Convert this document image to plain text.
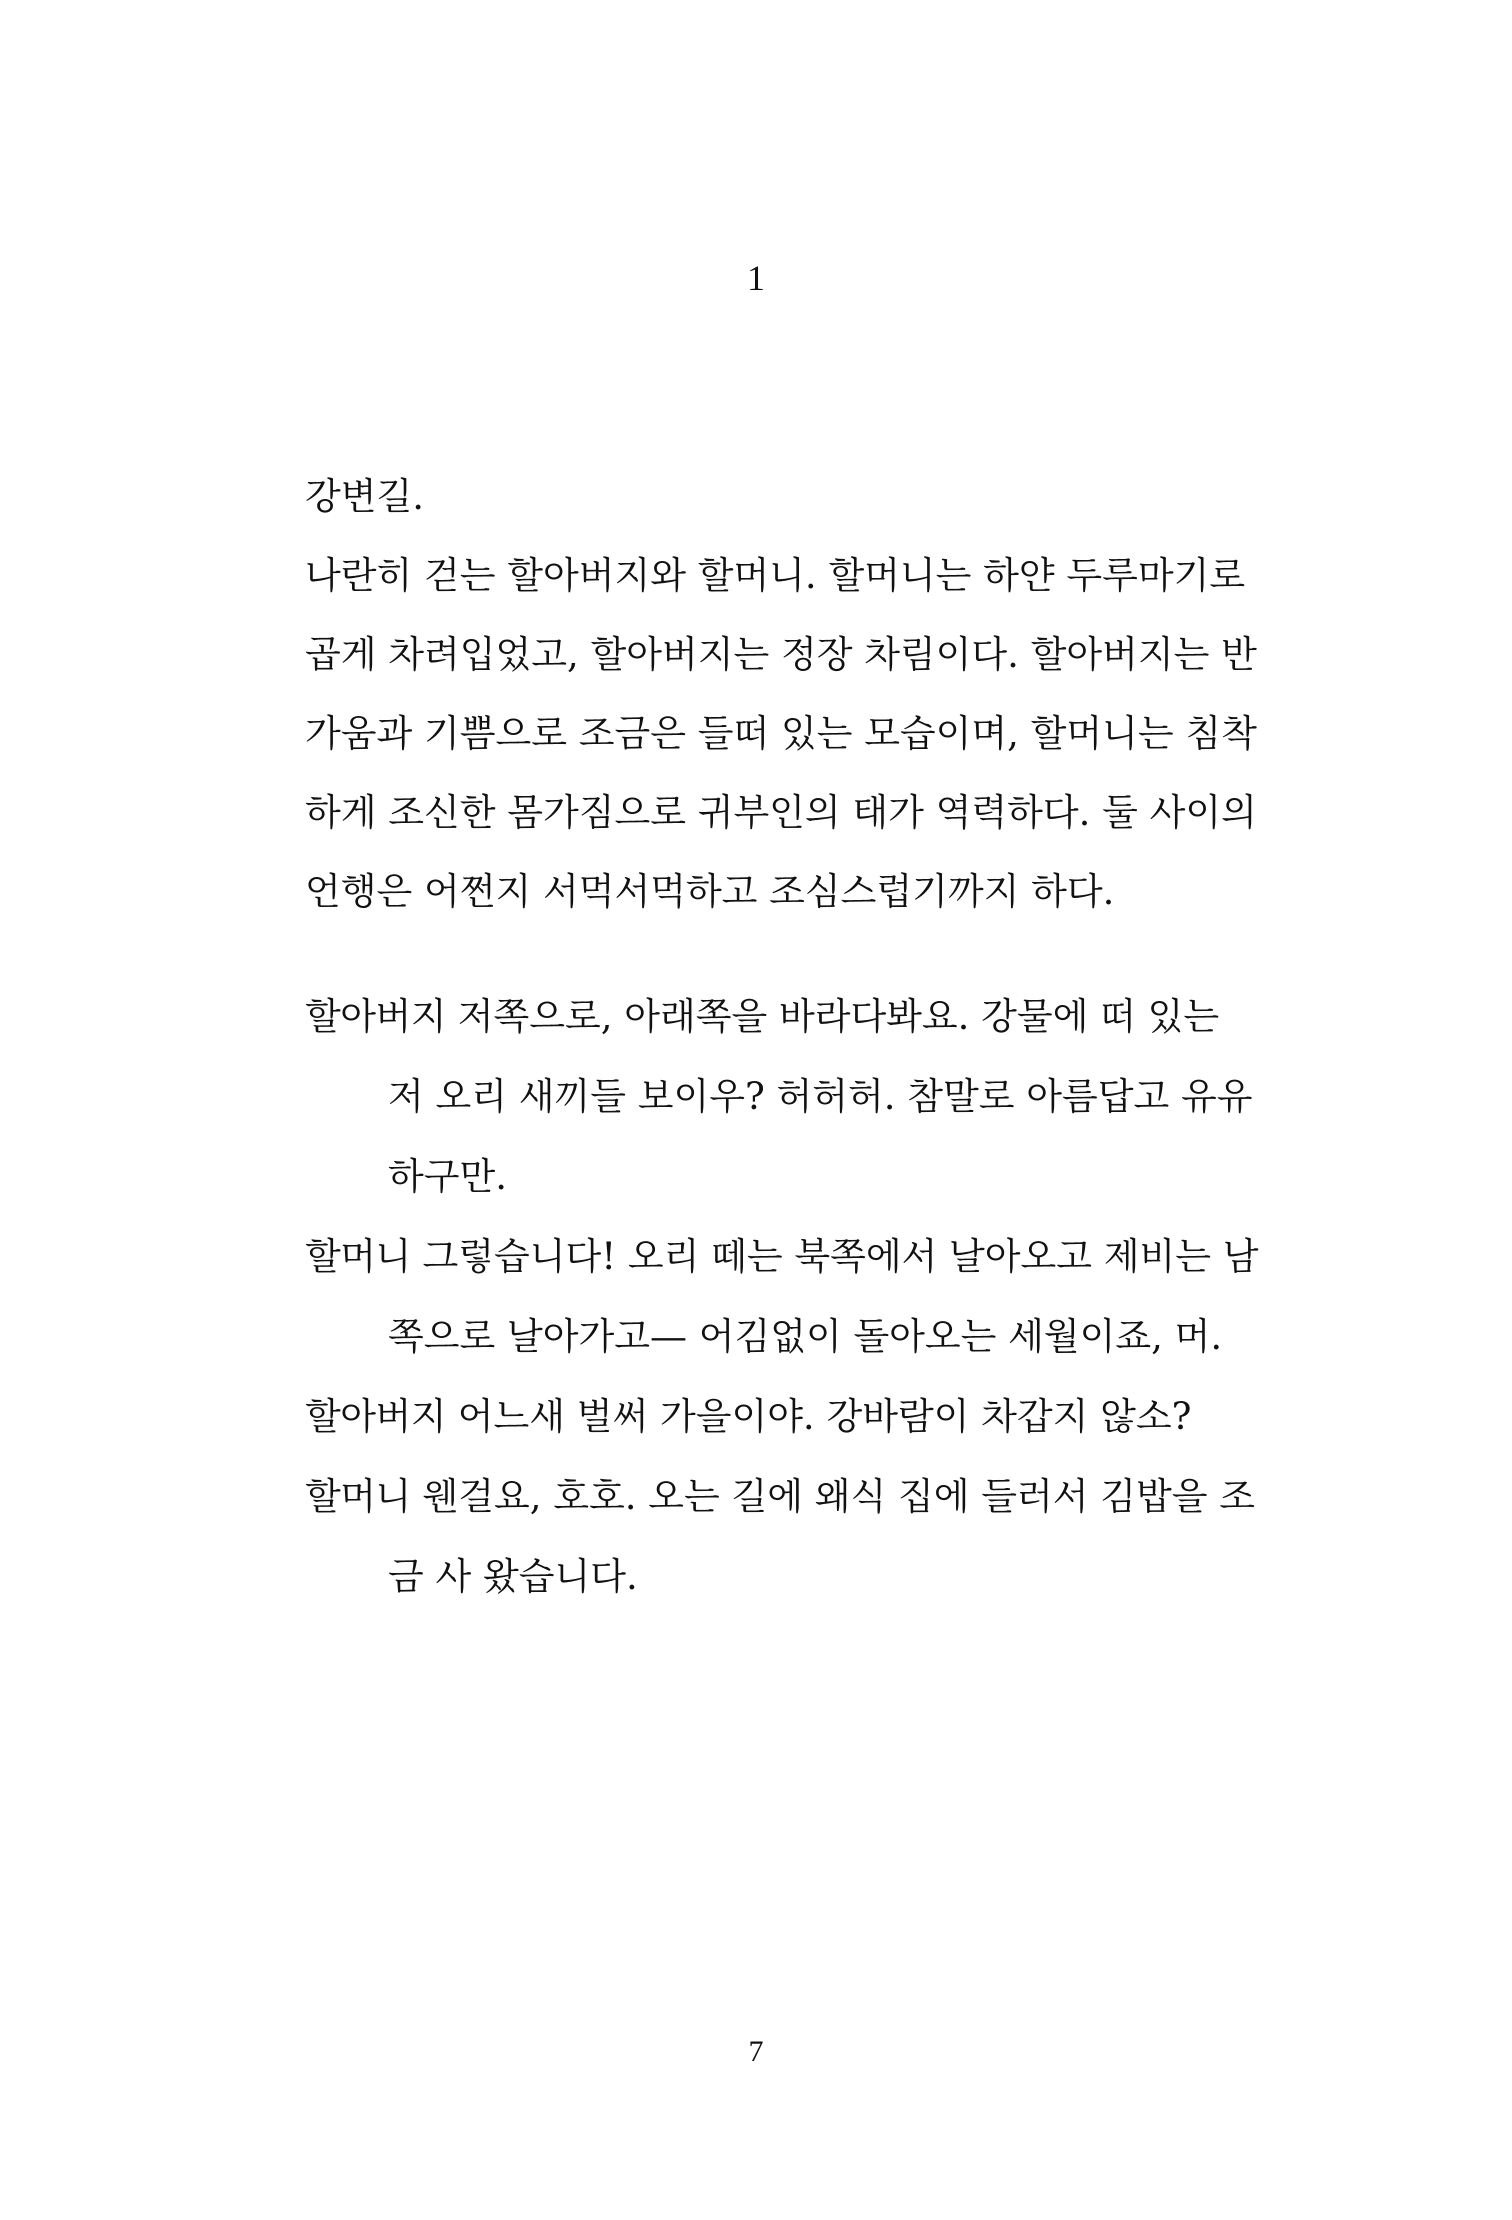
1
강변길.
나란히 걷는 할아버지와 할머니. 할머니는 하얀 두루마기로
곱게 차려입었고, 할아버지는 정장 차림이다. 할아버지는 반
가움과 기쁨으로 조금은 들떠 있는 모습이며, 할머니는 침착
하게 조신한 몸가짐으로 귀부인의 태가 역력하다. 둘 사이의
언행은 어쩐지 서먹서먹하고 조심스럽기까지 하다.
할아버지 저쪽으로, 아래쪽을 바라다봐요. 강물에 떠 있는
저 오리 새끼들 보이우? 허허허. 참말로 아름답고 유유
하구만.
할머니 그렇습니다! 오리 떼는 북쪽에서 날아오고 제비는 남
쪽으로 날아가고— 어김없이 돌아오는 세월이죠, 머.
할아버지 어느새 벌써 가을이야. 강바람이 차갑지 않소?
할머니 웬걸요, 호호. 오는 길에 왜식 집에 들러서 김밥을 조
금 사 왔습니다.
7
